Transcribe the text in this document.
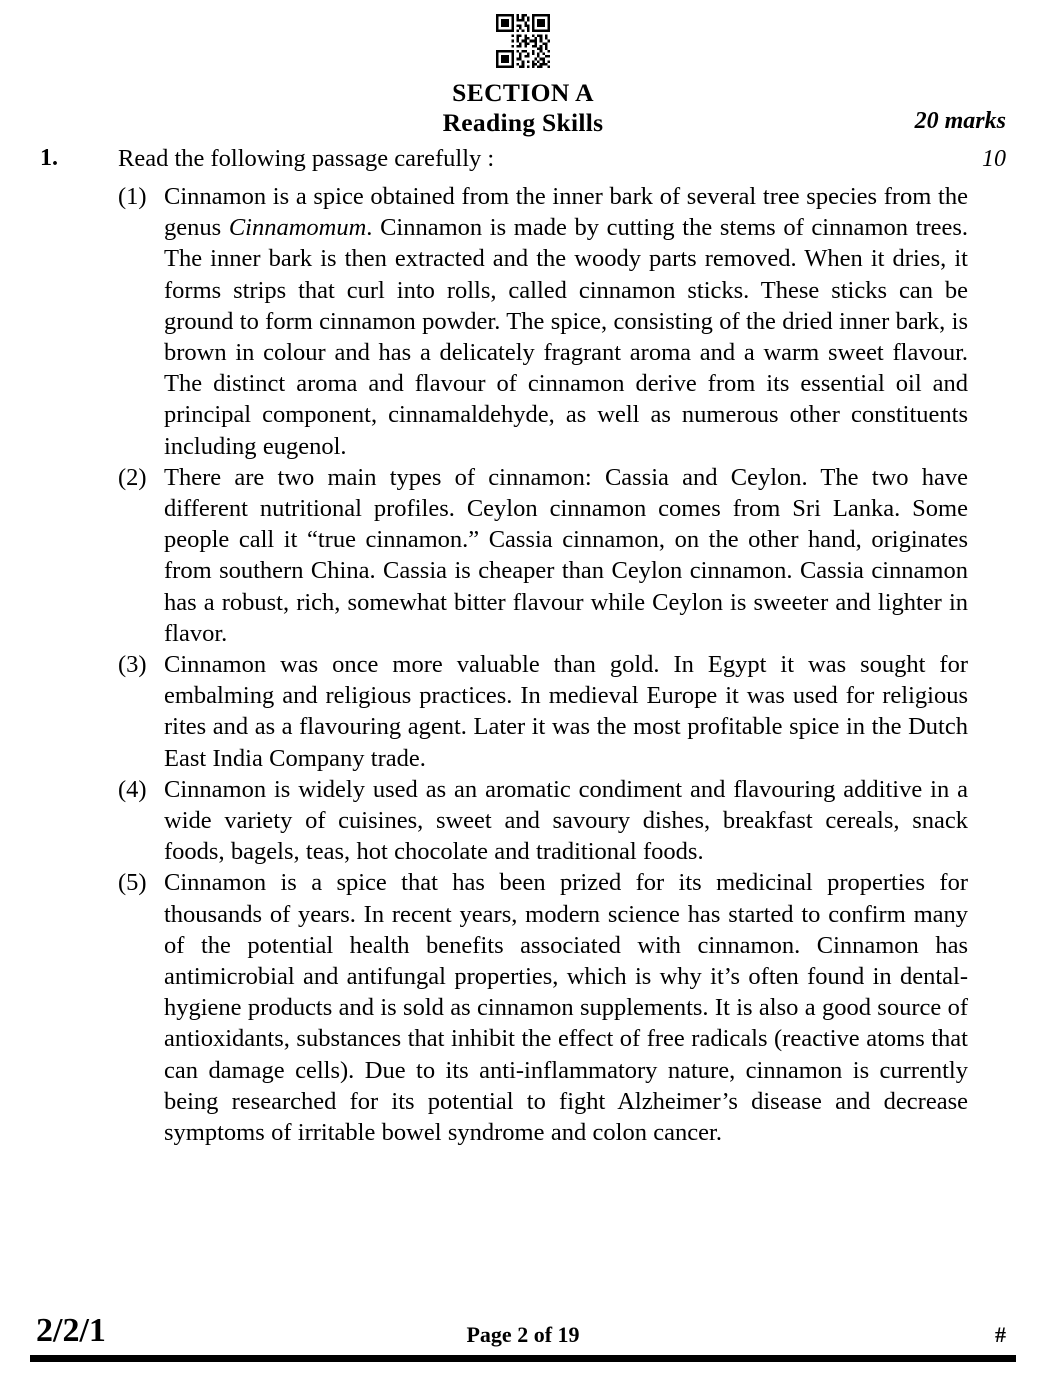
SECTION A
Reading Skills	20 marks
1. Read the following passage carefully :	10
(1) Cinnamon is a spice obtained from the inner bark of several tree species from the genus Cinnamomum. Cinnamon is made by cutting the stems of cinnamon trees. The inner bark is then extracted and the woody parts removed. When it dries, it forms strips that curl into rolls, called cinnamon sticks. These sticks can be ground to form cinnamon powder. The spice, consisting of the dried inner bark, is brown in colour and has a delicately fragrant aroma and a warm sweet flavour. The distinct aroma and flavour of cinnamon derive from its essential oil and principal component, cinnamaldehyde, as well as numerous other constituents including eugenol.
(2) There are two main types of cinnamon: Cassia and Ceylon. The two have different nutritional profiles. Ceylon cinnamon comes from Sri Lanka. Some people call it “true cinnamon.” Cassia cinnamon, on the other hand, originates from southern China. Cassia is cheaper than Ceylon cinnamon. Cassia cinnamon has a robust, rich, somewhat bitter flavour while Ceylon is sweeter and lighter in flavor.
(3) Cinnamon was once more valuable than gold. In Egypt it was sought for embalming and religious practices. In medieval Europe it was used for religious rites and as a flavouring agent. Later it was the most profitable spice in the Dutch East India Company trade.
(4) Cinnamon is widely used as an aromatic condiment and flavouring additive in a wide variety of cuisines, sweet and savoury dishes, breakfast cereals, snack foods, bagels, teas, hot chocolate and traditional foods.
(5) Cinnamon is a spice that has been prized for its medicinal properties for thousands of years. In recent years, modern science has started to confirm many of the potential health benefits associated with cinnamon. Cinnamon has antimicrobial and antifungal properties, which is why it’s often found in dental-hygiene products and is sold as cinnamon supplements. It is also a good source of antioxidants, substances that inhibit the effect of free radicals (reactive atoms that can damage cells). Due to its anti-inflammatory nature, cinnamon is currently being researched for its potential to fight Alzheimer’s disease and decrease symptoms of irritable bowel syndrome and colon cancer.
2/2/1	Page 2 of 19	#
